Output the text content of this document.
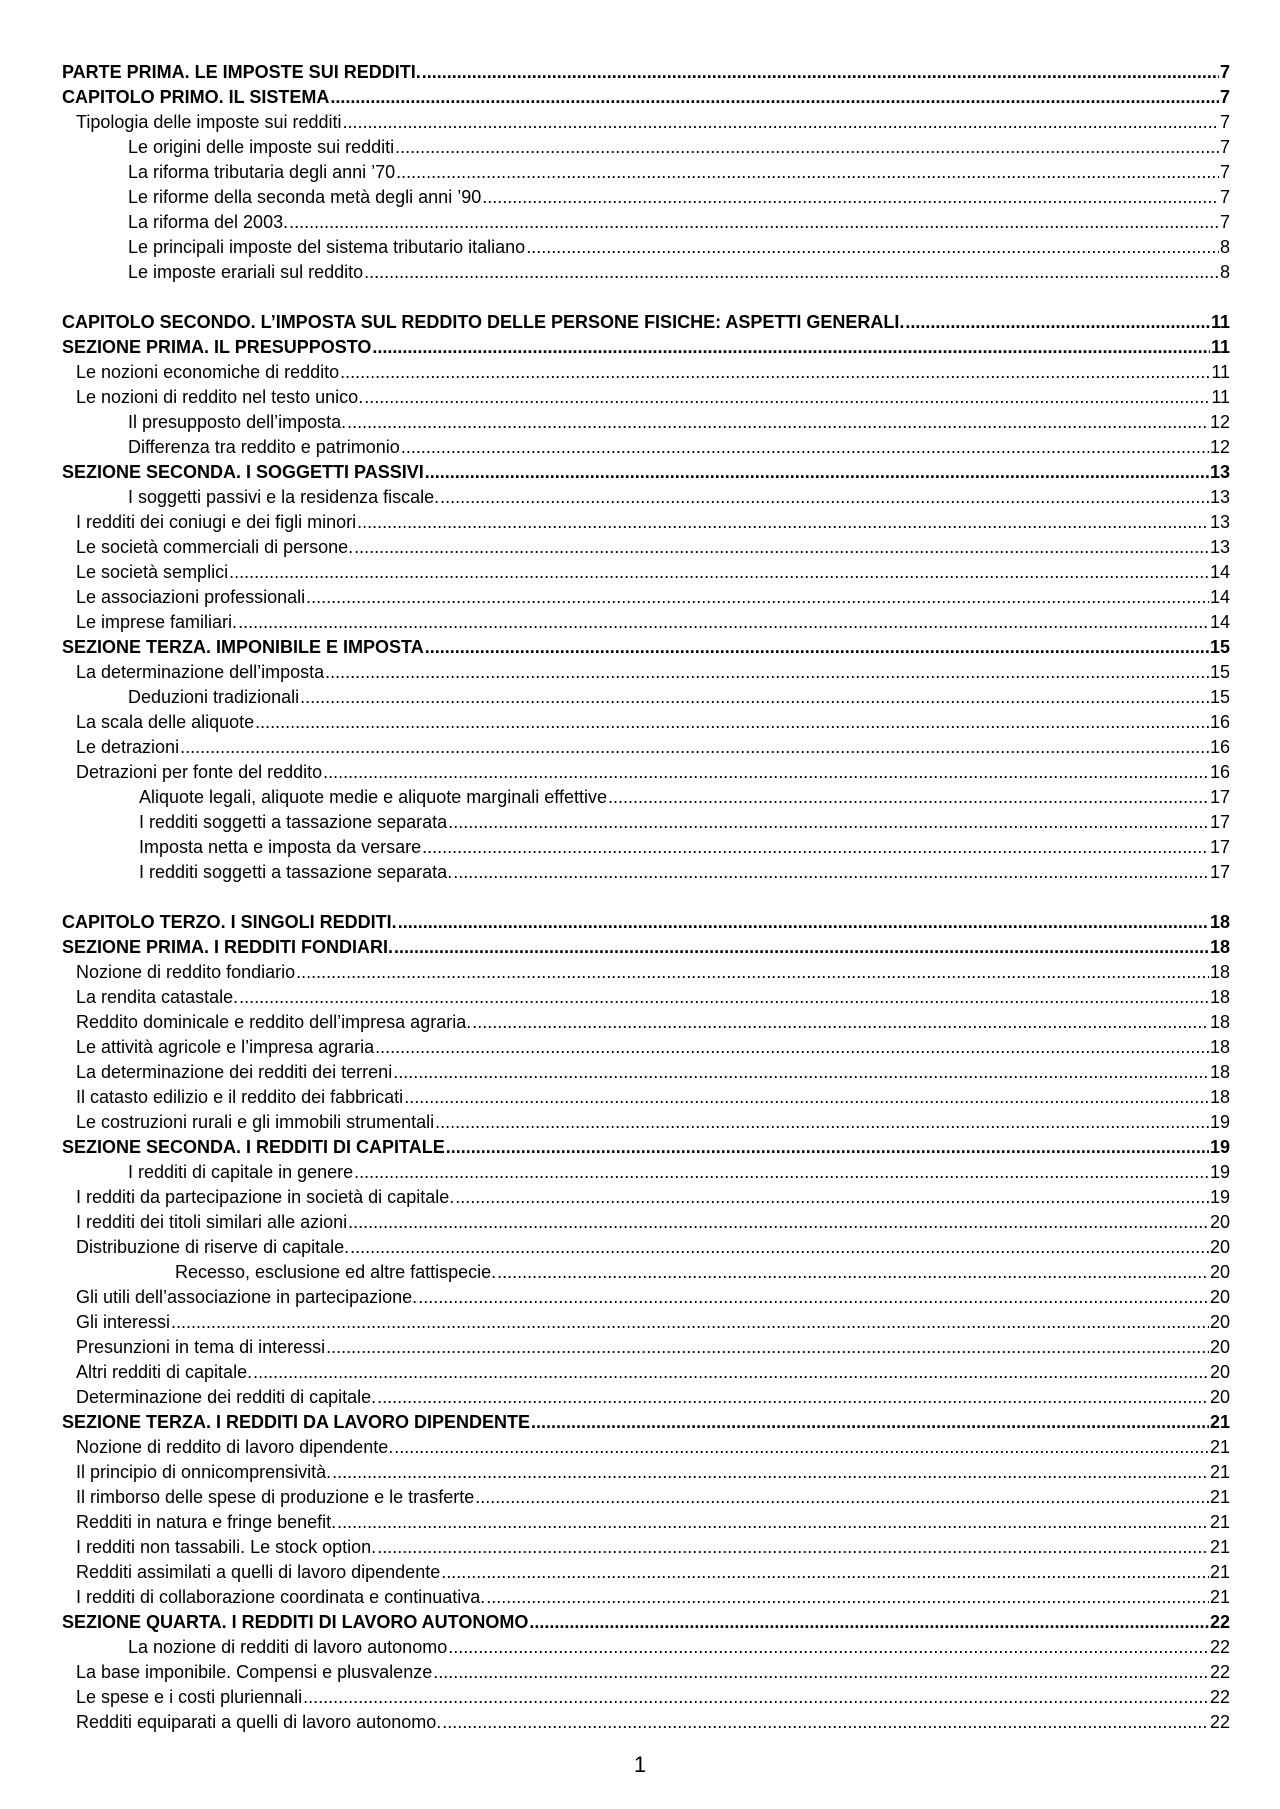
PARTE PRIMA. LE IMPOSTE SUI REDDITI. .....	7
CAPITOLO PRIMO. IL SISTEMA .....	7
Tipologia delle imposte sui redditi .....	7
Le origini delle imposte sui redditi .....	7
La riforma tributaria degli anni ’70 .....	7
Le riforme della seconda metà degli anni ’90 .....	7
La riforma del 2003. .....	7
Le principali imposte del sistema tributario italiano .....	8
Le imposte erariali sul reddito .....	8
CAPITOLO SECONDO. L’IMPOSTA SUL REDDITO DELLE PERSONE FISICHE: ASPETTI GENERALI. .....	11
SEZIONE PRIMA. IL PRESUPPOSTO .....	11
Le nozioni economiche di reddito .....	11
Le nozioni di reddito nel testo unico. .....	11
Il presupposto dell’imposta. .....	12
Differenza tra reddito e patrimonio .....	12
SEZIONE SECONDA. I SOGGETTI PASSIVI .....	13
I soggetti passivi e la residenza fiscale. .....	13
I redditi dei coniugi e dei figli minori .....	13
Le società commerciali di persone. .....	13
Le società semplici .....	14
Le associazioni professionali .....	14
Le imprese familiari. .....	14
SEZIONE TERZA. IMPONIBILE E IMPOSTA .....	15
La determinazione dell’imposta .....	15
Deduzioni tradizionali .....	15
La scala delle aliquote .....	16
Le detrazioni .....	16
Detrazioni per fonte del reddito .....	16
Aliquote legali, aliquote medie e aliquote marginali effettive .....	17
I redditi soggetti a tassazione separata .....	17
Imposta netta e imposta da versare .....	17
I redditi soggetti a tassazione separata. .....	17
CAPITOLO TERZO. I SINGOLI REDDITI. .....	18
SEZIONE PRIMA. I REDDITI FONDIARI. .....	18
Nozione di reddito fondiario .....	18
La rendita catastale. .....	18
Reddito dominicale e reddito dell’impresa agraria. .....	18
Le attività agricole e l’impresa agraria .....	18
La determinazione dei redditi dei terreni .....	18
Il catasto edilizio e il reddito dei fabbricati .....	18
Le costruzioni rurali e gli immobili strumentali .....	19
SEZIONE SECONDA. I REDDITI DI CAPITALE .....	19
I redditi di capitale in genere .....	19
I redditi da partecipazione in società di capitale. .....	19
I redditi dei titoli similari alle azioni .....	20
Distribuzione di riserve di capitale. .....	20
Recesso, esclusione ed altre fattispecie. .....	20
Gli utili dell’associazione in partecipazione. .....	20
Gli interessi .....	20
Presunzioni in tema di interessi .....	20
Altri redditi di capitale. .....	20
Determinazione dei redditi di capitale. .....	20
SEZIONE TERZA. I REDDITI DA LAVORO DIPENDENTE .....	21
Nozione di reddito di lavoro dipendente. .....	21
Il principio di onnicomprensività. .....	21
Il rimborso delle spese di produzione e le trasferte .....	21
Redditi in natura e fringe benefit. .....	21
I redditi non tassabili. Le stock option. .....	21
Redditi assimilati a quelli di lavoro dipendente .....	21
I redditi di collaborazione coordinata e continuativa. .....	21
SEZIONE QUARTA. I REDDITI DI LAVORO AUTONOMO .....	22
La nozione di redditi di lavoro autonomo .....	22
La base imponibile. Compensi e plusvalenze .....	22
Le spese e i costi pluriennali .....	22
Redditi equiparati a quelli di lavoro autonomo. .....	22
1
